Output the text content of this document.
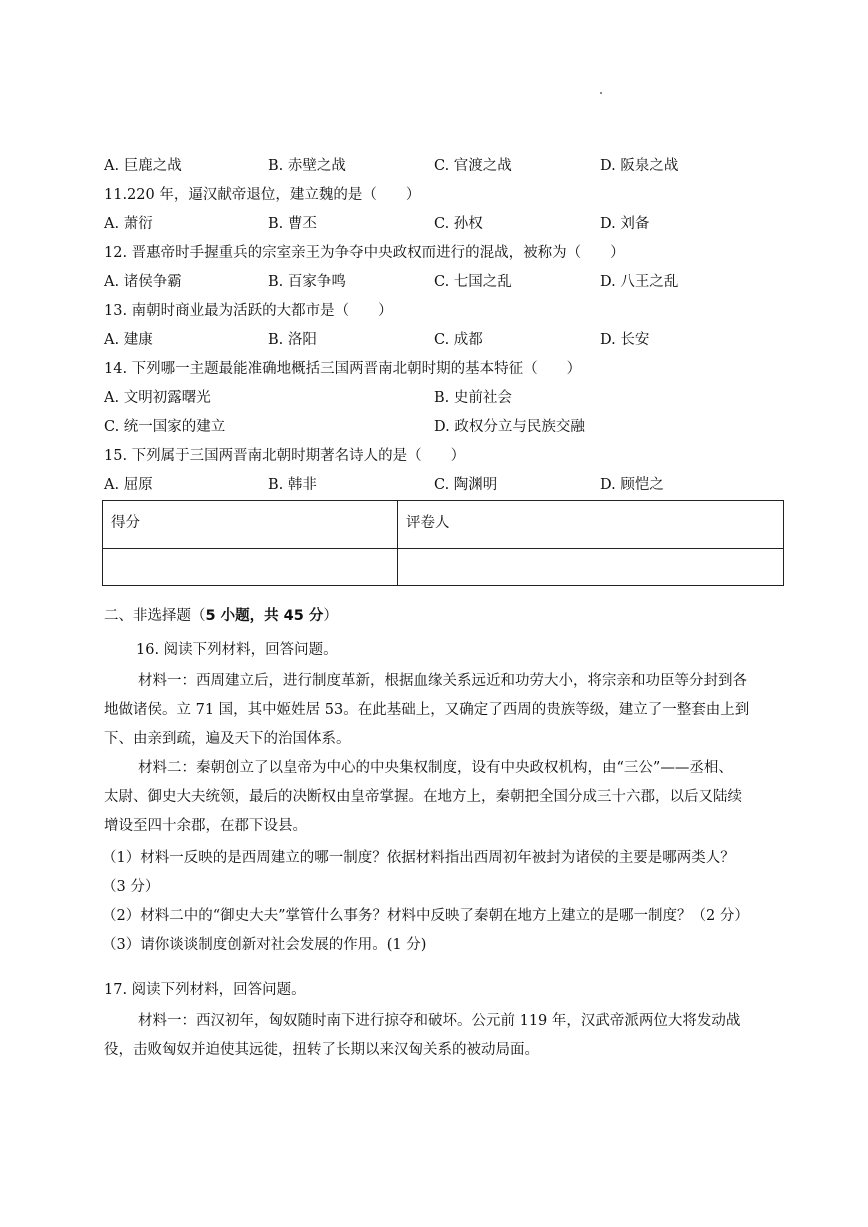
A. 巨鹿之战	B. 赤壁之战	C. 官渡之战	D. 阪泉之战
11.220 年，逼汉献帝退位，建立魏的是（　　）
A. 萧衍	B. 曹丕	C. 孙权	D. 刘备
12. 晋惠帝时手握重兵的宗室亲王为争夺中央政权而进行的混战，被称为（　　）
A. 诸侯争霸	B. 百家争鸣	C. 七国之乱	D. 八王之乱
13. 南朝时商业最为活跃的大都市是（　　）
A. 建康	B. 洛阳	C. 成都	D. 长安
14. 下列哪一主题最能准确地概括三国两晋南北朝时期的基本特征（　　）
A. 文明初露曙光	B. 史前社会
C. 统一国家的建立	D. 政权分立与民族交融
15. 下列属于三国两晋南北朝时期著名诗人的是（　　）
A. 屈原	B. 韩非	C. 陶渊明	D. 顾恺之
得分	评卷人

二、非选择题（5 小题，共 45 分）
16. 阅读下列材料，回答问题。
材料一：西周建立后，进行制度革新，根据血缘关系远近和功劳大小，将宗亲和功臣等分封到各
地做诸侯。立 71 国，其中姬姓居 53。在此基础上，又确定了西周的贵族等级，建立了一整套由上到
下、由亲到疏，遍及天下的治国体系。
材料二：秦朝创立了以皇帝为中心的中央集权制度，设有中央政权机构，由“三公”——丞相、
太尉、御史大夫统领，最后的决断权由皇帝掌握。在地方上，秦朝把全国分成三十六郡，以后又陆续
增设至四十余郡，在郡下设县。
（1）材料一反映的是西周建立的哪一制度？依据材料指出西周初年被封为诸侯的主要是哪两类人？
（3 分）
（2）材料二中的“御史大夫”掌管什么事务？材料中反映了秦朝在地方上建立的是哪一制度？（2 分）
（3）请你谈谈制度创新对社会发展的作用。(1 分)
17. 阅读下列材料，回答问题。
材料一：西汉初年，匈奴随时南下进行掠夺和破坏。公元前 119 年，汉武帝派两位大将发动战
役，击败匈奴并迫使其远徙，扭转了长期以来汉匈关系的被动局面。
